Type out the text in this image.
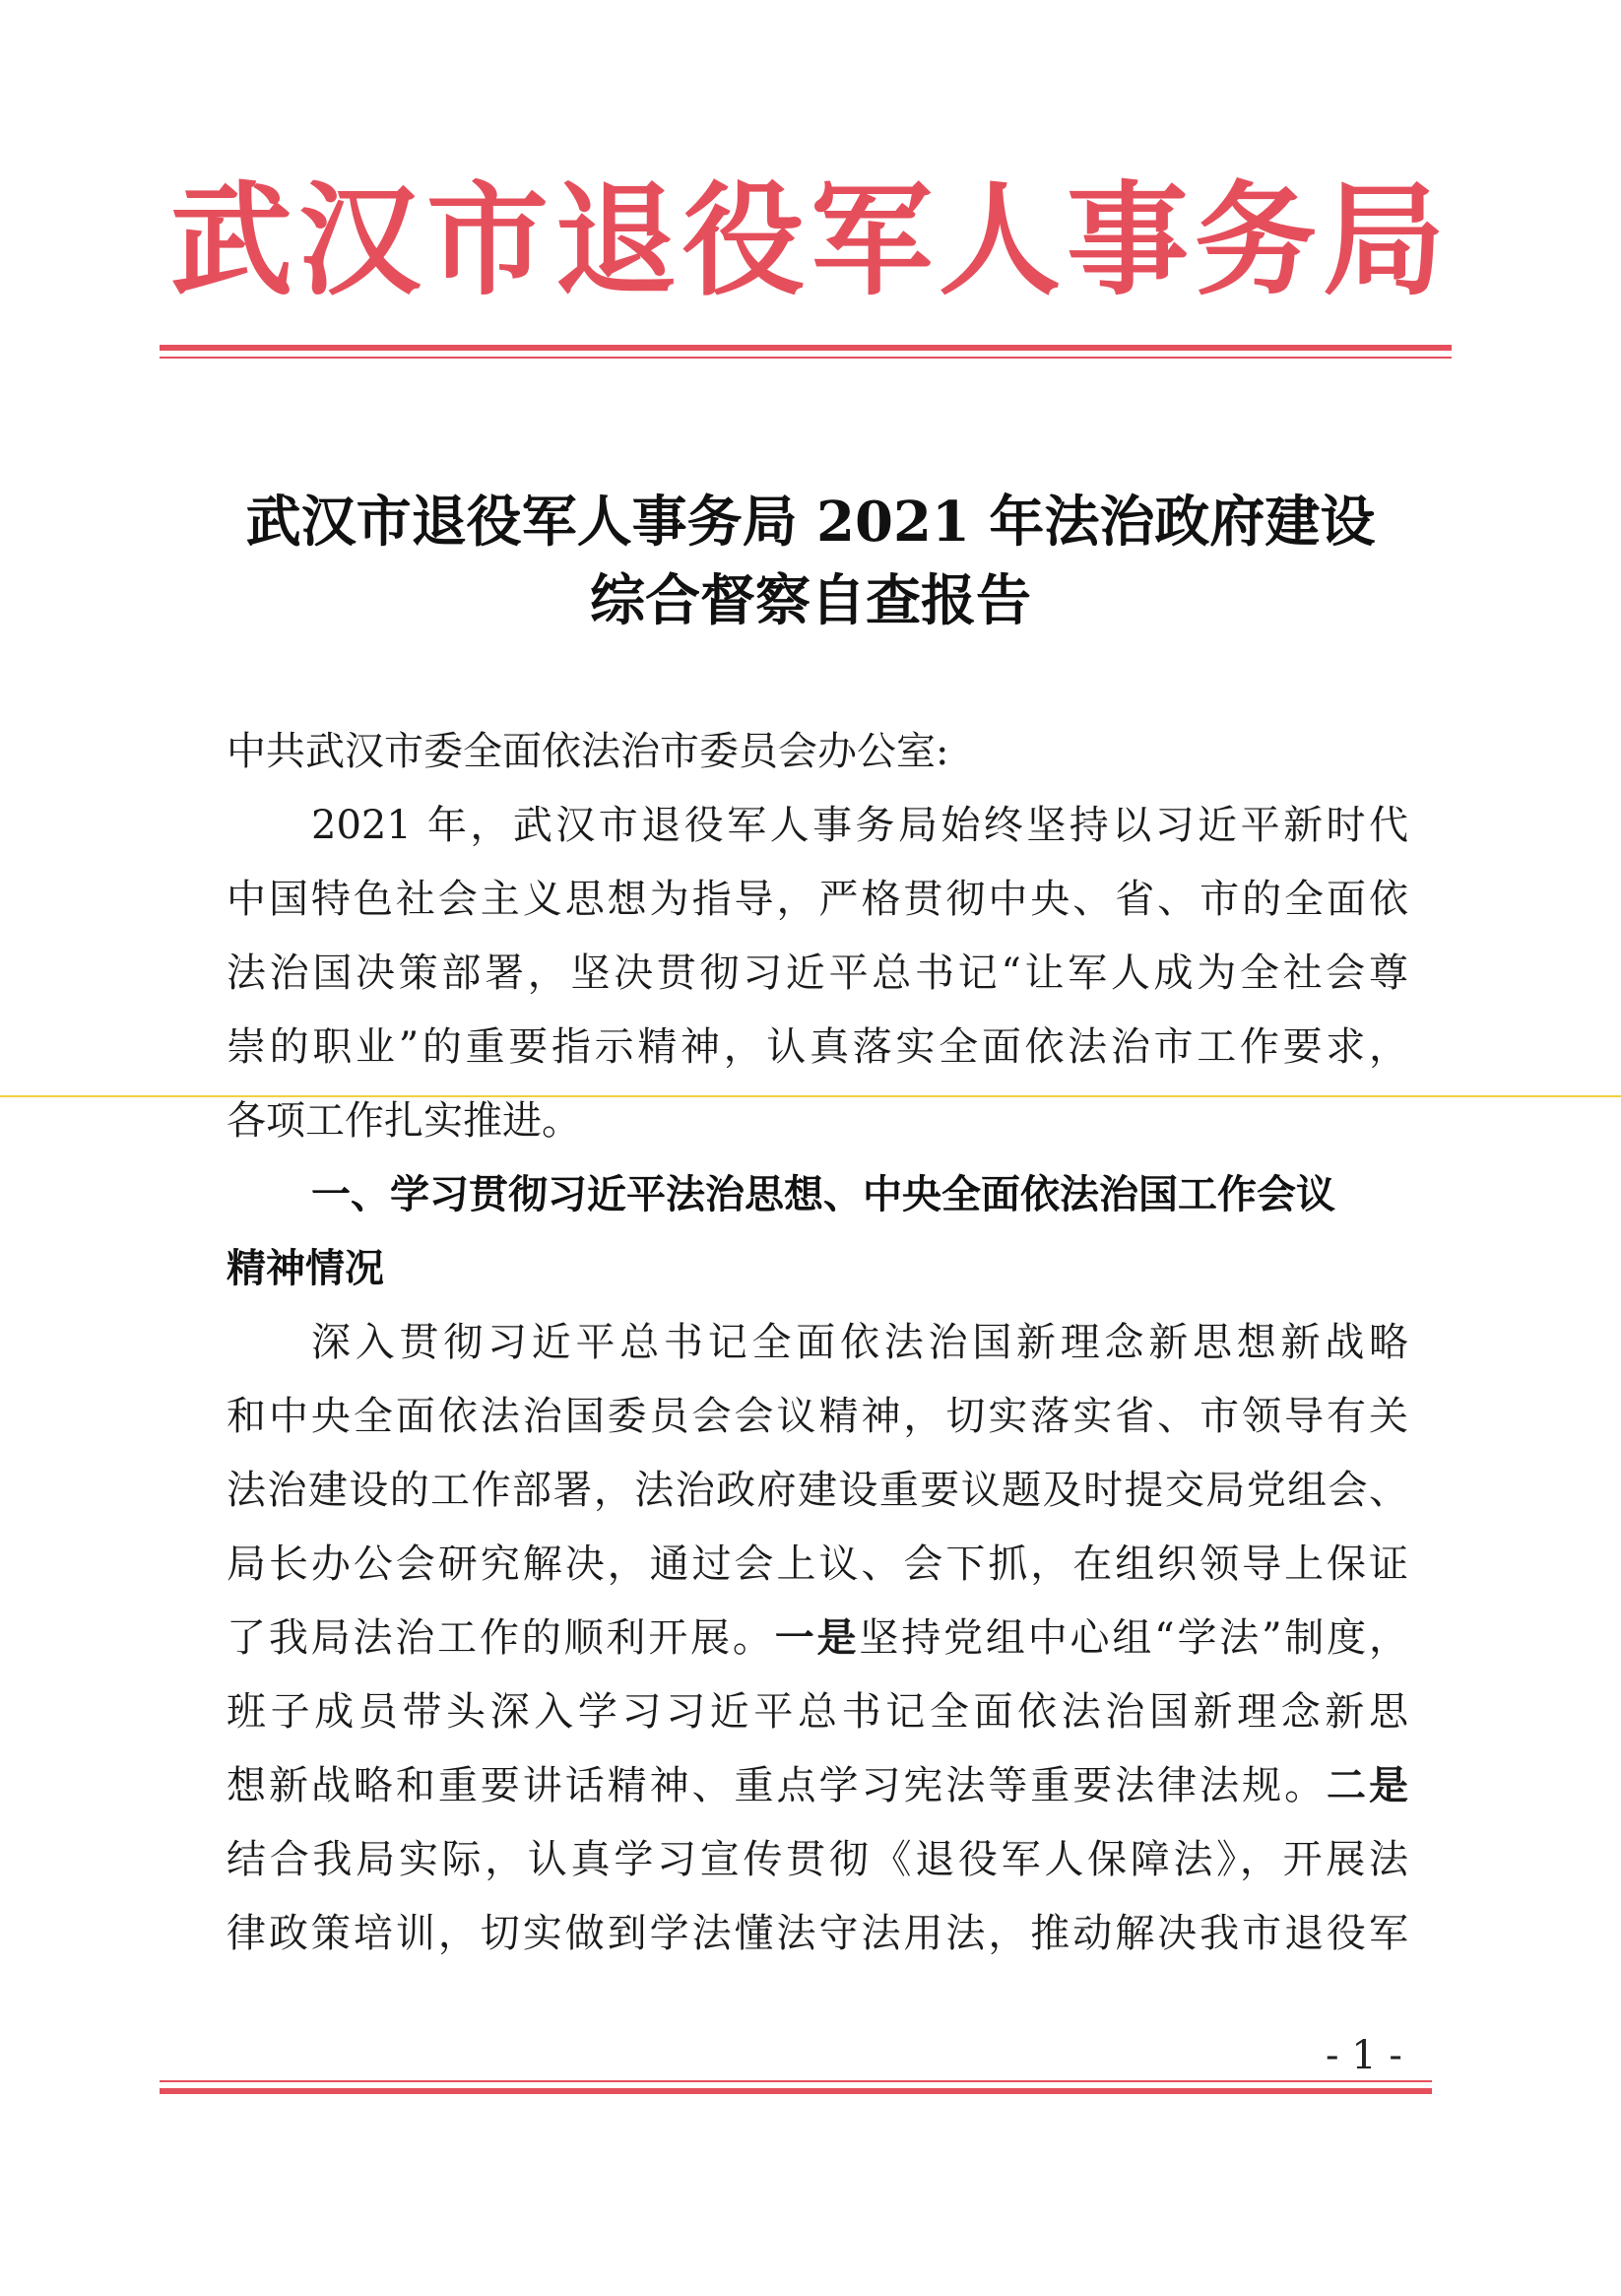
武汉市退役军人事务局
武汉市退役军人事务局 2021 年法治政府建设
综合督察自查报告
中共武汉市委全面依法治市委员会办公室:
2021 年，武汉市退役军人事务局始终坚持以习近平新时代
中国特色社会主义思想为指导，严格贯彻中央、省、市的全面依
法治国决策部署，坚决贯彻习近平总书记“让军人成为全社会尊
崇的职业”的重要指示精神，认真落实全面依法治市工作要求，
各项工作扎实推进。
一、学习贯彻习近平法治思想、中央全面依法治国工作会议
精神情况
深入贯彻习近平总书记全面依法治国新理念新思想新战略
和中央全面依法治国委员会会议精神，切实落实省、市领导有关
法治建设的工作部署，法治政府建设重要议题及时提交局党组会、
局长办公会研究解决，通过会上议、会下抓，在组织领导上保证
了我局法治工作的顺利开展。一是坚持党组中心组“学法”制度，
班子成员带头深入学习习近平总书记全面依法治国新理念新思
想新战略和重要讲话精神、重点学习宪法等重要法律法规。二是
结合我局实际，认真学习宣传贯彻《退役军人保障法》，开展法
律政策培训，切实做到学法懂法守法用法，推动解决我市退役军
- 1 -
